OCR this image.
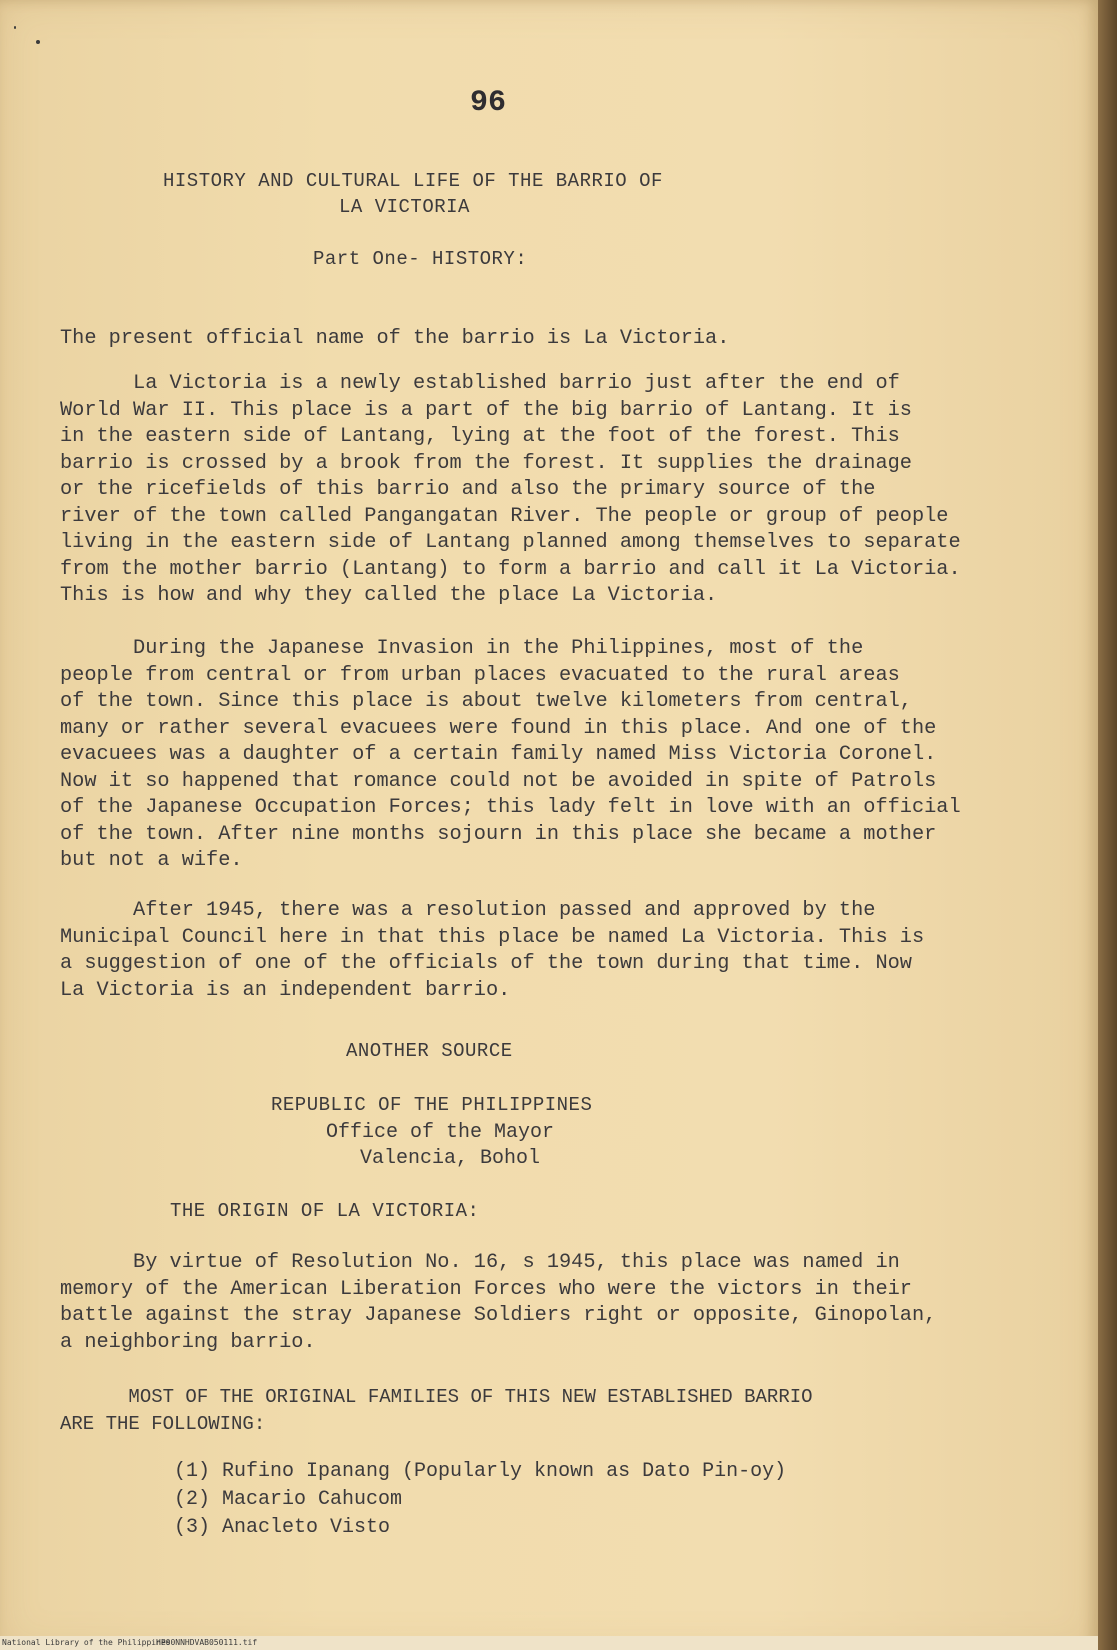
96
HISTORY AND CULTURAL LIFE OF THE BARRIO OF
LA VICTORIA
Part One- HISTORY:
The present official name of the barrio is La Victoria.
La Victoria is a newly established barrio just after the end of
World War II. This place is a part of the big barrio of Lantang. It is
in the eastern side of Lantang, lying at the foot of the forest. This
barrio is crossed by a brook from the forest. It supplies the drainage
or the ricefields of this barrio and also the primary source of the
river of the town called Pangangatan River. The people or group of people
living in the eastern side of Lantang planned among themselves to separate
from the mother barrio (Lantang) to form a barrio and call it La Victoria.
This is how and why they called the place La Victoria.
During the Japanese Invasion in the Philippines, most of the
people from central or from urban places evacuated to the rural areas
of the town. Since this place is about twelve kilometers from central,
many or rather several evacuees were found in this place. And one of the
evacuees was a daughter of a certain family named Miss Victoria Coronel.
Now it so happened that romance could not be avoided in spite of Patrols
of the Japanese Occupation Forces; this lady felt in love with an official
of the town. After nine months sojourn in this place she became a mother
but not a wife.
After 1945, there was a resolution passed and approved by the
Municipal Council here in that this place be named La Victoria. This is
a suggestion of one of the officials of the town during that time. Now
La Victoria is an independent barrio.
ANOTHER SOURCE
REPUBLIC OF THE PHILIPPINES
Office of the Mayor
Valencia, Bohol
THE ORIGIN OF LA VICTORIA:
By virtue of Resolution No. 16, s 1945, this place was named in
memory of the American Liberation Forces who were the victors in their
battle against the stray Japanese Soldiers right or opposite, Ginopolan,
a neighboring barrio.
MOST OF THE ORIGINAL FAMILIES OF THIS NEW ESTABLISHED BARRIO
ARE THE FOLLOWING:
(1) Rufino Ipanang (Popularly known as Dato Pin-oy)
(2) Macario Cahucom
(3) Anacleto Visto
National Library of the Philippines
HP00NNHDVAB050111.tif
